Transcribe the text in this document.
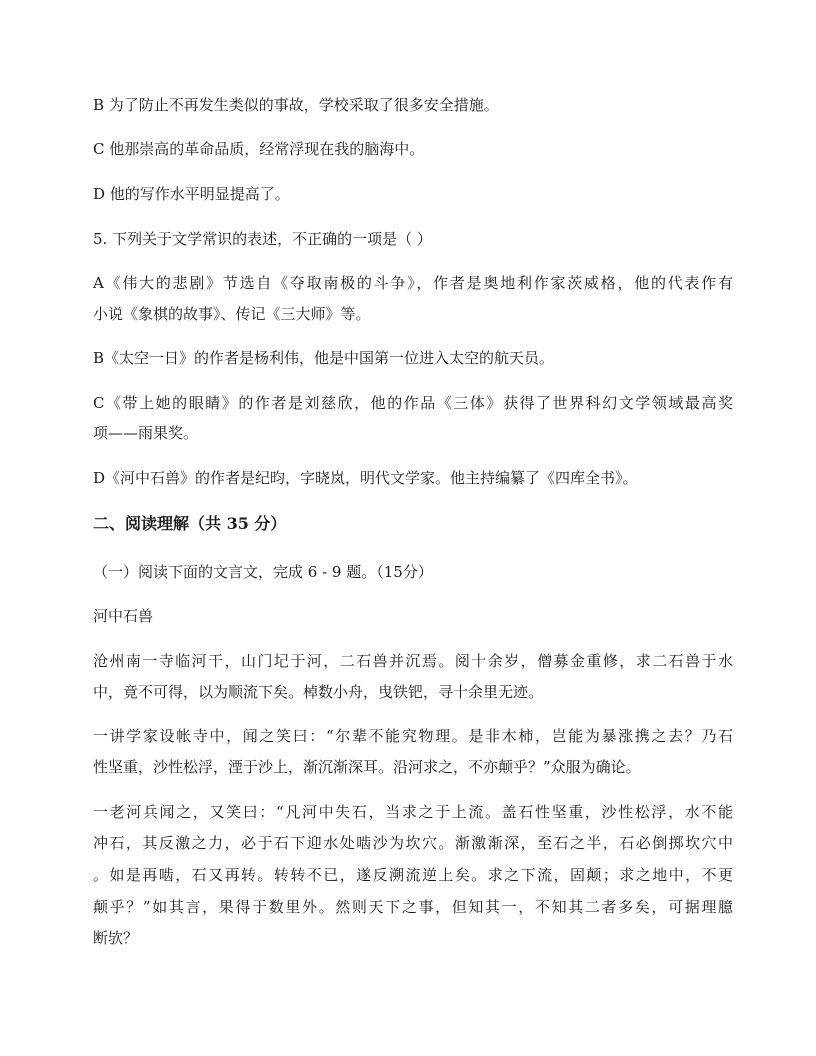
B 为了防止不再发生类似的事故，学校采取了很多安全措施。
C 他那崇高的革命品质，经常浮现在我的脑海中。
D 他的写作水平明显提高了。
5. 下列关于文学常识的表述，不正确的一项是（ ）
A《伟大的悲剧》节选自《夺取南极的斗争》，作者是奥地利作家茨威格，他的代表作有
小说《象棋的故事》、传记《三大师》等。
B《太空一日》的作者是杨利伟，他是中国第一位进入太空的航天员。
C《带上她的眼睛》的作者是刘慈欣，他的作品《三体》获得了世界科幻文学领域最高奖
项——雨果奖。
D《河中石兽》的作者是纪昀，字晓岚，明代文学家。他主持编纂了《四库全书》。
二、阅读理解（共 35 分）
（一）阅读下面的文言文，完成 6 - 9 题。（15分）
河中石兽
沧州南一寺临河干，山门圮于河，二石兽并沉焉。阅十余岁，僧募金重修，求二石兽于水
中，竟不可得，以为顺流下矣。棹数小舟，曳铁钯，寻十余里无迹。
一讲学家设帐寺中，闻之笑曰：“尔辈不能究物理。是非木柿，岂能为暴涨携之去？乃石
性坚重，沙性松浮，湮于沙上，渐沉渐深耳。沿河求之，不亦颠乎？”众服为确论。
一老河兵闻之，又笑曰：“凡河中失石，当求之于上流。盖石性坚重，沙性松浮，水不能
冲石，其反激之力，必于石下迎水处啮沙为坎穴。渐激渐深，至石之半，石必倒掷坎穴中
。如是再啮，石又再转。转转不已，遂反溯流逆上矣。求之下流，固颠；求之地中，不更
颠乎？”如其言，果得于数里外。然则天下之事，但知其一，不知其二者多矣，可据理臆
断欤？
